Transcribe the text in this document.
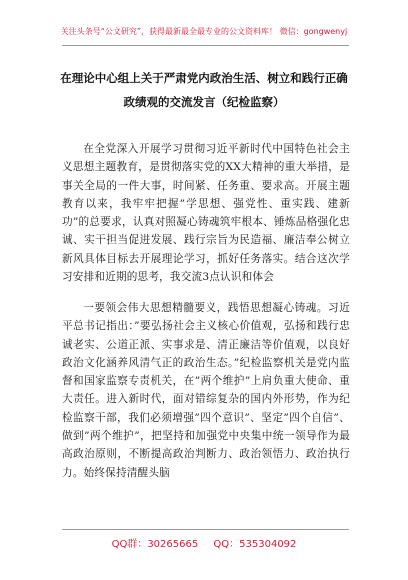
关注头条号“公文研究”，获得最新最全最专业的公文资料库！ 微信：gongwenyj
在理论中心组上关于严肃党内政治生活、树立和践行正确
政绩观的交流发言（纪检监察）

在全党深入开展学习贯彻习近平新时代中国特色社会主义思想主题教育，是贯彻落实党的XX大精神的重大举措，是事关全局的一件大事，时间紧、任务重、要求高。开展主题教育以来，我牢牢把握”学思想、强党性、重实践、建新功”的总要求，认真对照凝心铸魂筑牢根本、锤炼品格强化忠诚、实干担当促进发展、践行宗旨为民造福、廉洁奉公树立新风具体目标去开展理论学习，抓好任务落实。结合这次学习安排和近期的思考，我交流3点认识和体会

一要领会伟大思想精髓要义，践悟思想凝心铸魂。习近平总书记指出：”要弘扬社会主义核心价值观，弘扬和践行忠诚老实、公道正派、实事求是、清正廉洁等价值观，以良好政治文化涵养风清气正的政治生态。”纪检监察机关是党内监督和国家监察专责机关，在”两个维护”上肩负重大使命、重大责任。进入新时代，面对错综复杂的国内外形势，作为纪检监察干部，我们必须增强”四个意识”、坚定”四个自信”、做到”两个维护”，把坚持和加强党中央集中统一领导作为最高政治原则，不断提高政治判断力、政治领悟力、政治执行力。始终保持清醒头脑

QQ群：30265665 QQ：535304092
